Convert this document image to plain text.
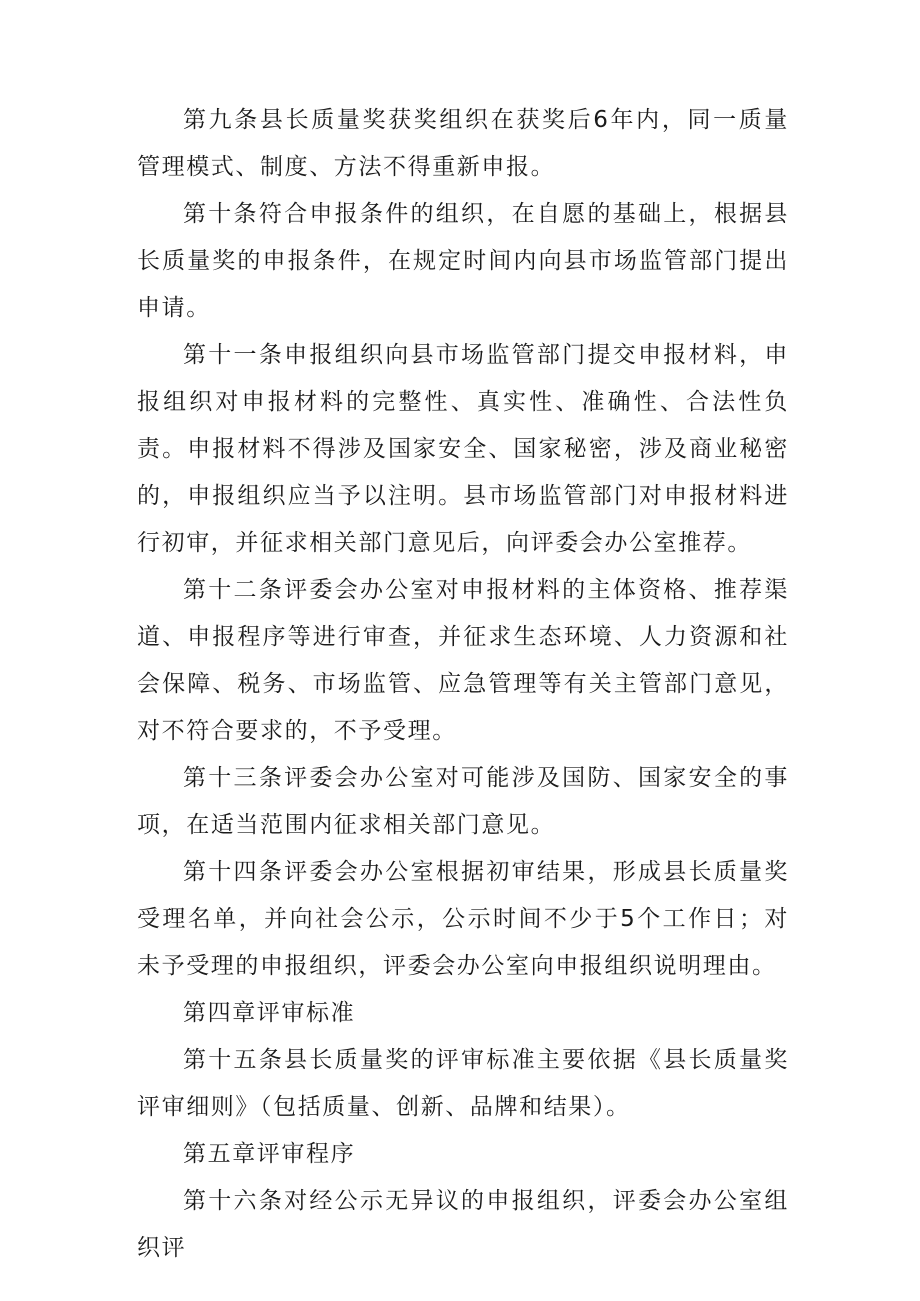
第九条县长质量奖获奖组织在获奖后6年内，同一质量管理模式、制度、方法不得重新申报。

第十条符合申报条件的组织，在自愿的基础上，根据县长质量奖的申报条件，在规定时间内向县市场监管部门提出申请。

第十一条申报组织向县市场监管部门提交申报材料，申报组织对申报材料的完整性、真实性、准确性、合法性负责。申报材料不得涉及国家安全、国家秘密，涉及商业秘密的，申报组织应当予以注明。县市场监管部门对申报材料进行初审，并征求相关部门意见后，向评委会办公室推荐。

第十二条评委会办公室对申报材料的主体资格、推荐渠道、申报程序等进行审查，并征求生态环境、人力资源和社会保障、税务、市场监管、应急管理等有关主管部门意见，对不符合要求的，不予受理。

第十三条评委会办公室对可能涉及国防、国家安全的事项，在适当范围内征求相关部门意见。

第十四条评委会办公室根据初审结果，形成县长质量奖受理名单，并向社会公示，公示时间不少于5个工作日；对未予受理的申报组织，评委会办公室向申报组织说明理由。

第四章评审标准

第十五条县长质量奖的评审标准主要依据《县长质量奖评审细则》（包括质量、创新、品牌和结果）。

第五章评审程序

第十六条对经公示无异议的申报组织，评委会办公室组织评
